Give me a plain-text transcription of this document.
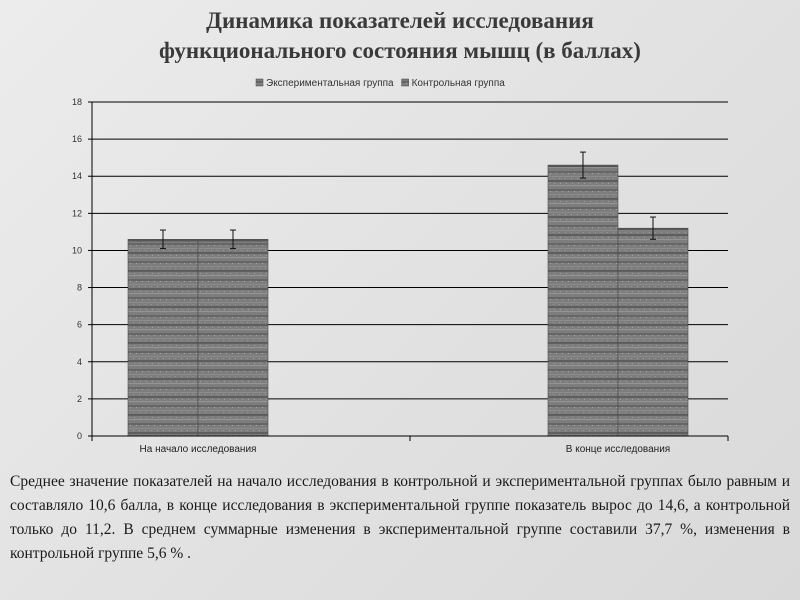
Динамика показателей исследования
функционального состояния мышц (в баллах)
Экспериментальная группа Контрольная группа
0
2
4
6
8
10
12
14
16
18
На начало исследования	В конце исследования

Среднее значение показателей на начало исследования в контрольной и экспериментальной группах было равным и составляло 10,6 балла, в конце исследования в экспериментальной группе показатель вырос до 14,6, а контрольной только до 11,2. В среднем суммарные изменения в экспериментальной группе составили 37,7 %, изменения в контрольной группе 5,6 % .
